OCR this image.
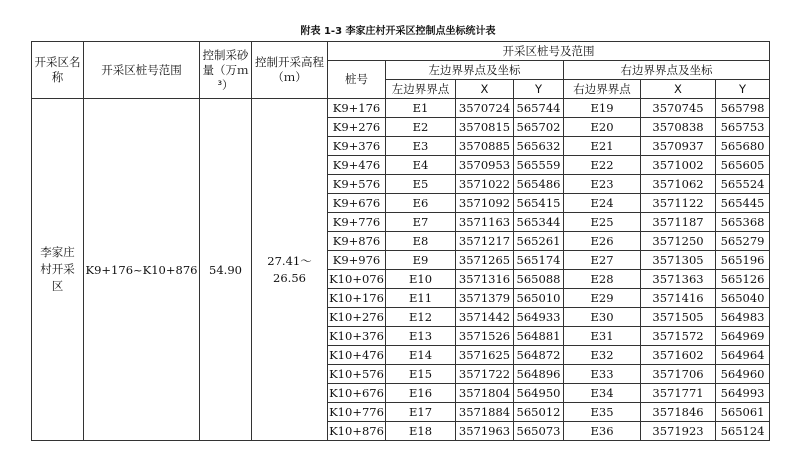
附表 1-3 李家庄村开采区控制点坐标统计表
开采区名称	开采区桩号范围	控制采砂量（万ｍ³）	控制开采高程（ｍ）	开采区桩号及范围						
				桩号	左边界界点及坐标			右边界界点及坐标		
					左边界界点	X	Y	右边界界点	X	Y
李家庄村开采区	K9+176~K10+876	54.90	27.41～26.56	K9+176	E1	3570724	565744	E19	3570745	565798
				K9+276	E2	3570815	565702	E20	3570838	565753
				K9+376	E3	3570885	565632	E21	3570937	565680
				K9+476	E4	3570953	565559	E22	3571002	565605
				K9+576	E5	3571022	565486	E23	3571062	565524
				K9+676	E6	3571092	565415	E24	3571122	565445
				K9+776	E7	3571163	565344	E25	3571187	565368
				K9+876	E8	3571217	565261	E26	3571250	565279
				K9+976	E9	3571265	565174	E27	3571305	565196
				K10+076	E10	3571316	565088	E28	3571363	565126
				K10+176	E11	3571379	565010	E29	3571416	565040
				K10+276	E12	3571442	564933	E30	3571505	564983
				K10+376	E13	3571526	564881	E31	3571572	564969
				K10+476	E14	3571625	564872	E32	3571602	564964
				K10+576	E15	3571722	564896	E33	3571706	564960
				K10+676	E16	3571804	564950	E34	3571771	564993
				K10+776	E17	3571884	565012	E35	3571846	565061
				K10+876	E18	3571963	565073	E36	3571923	565124
